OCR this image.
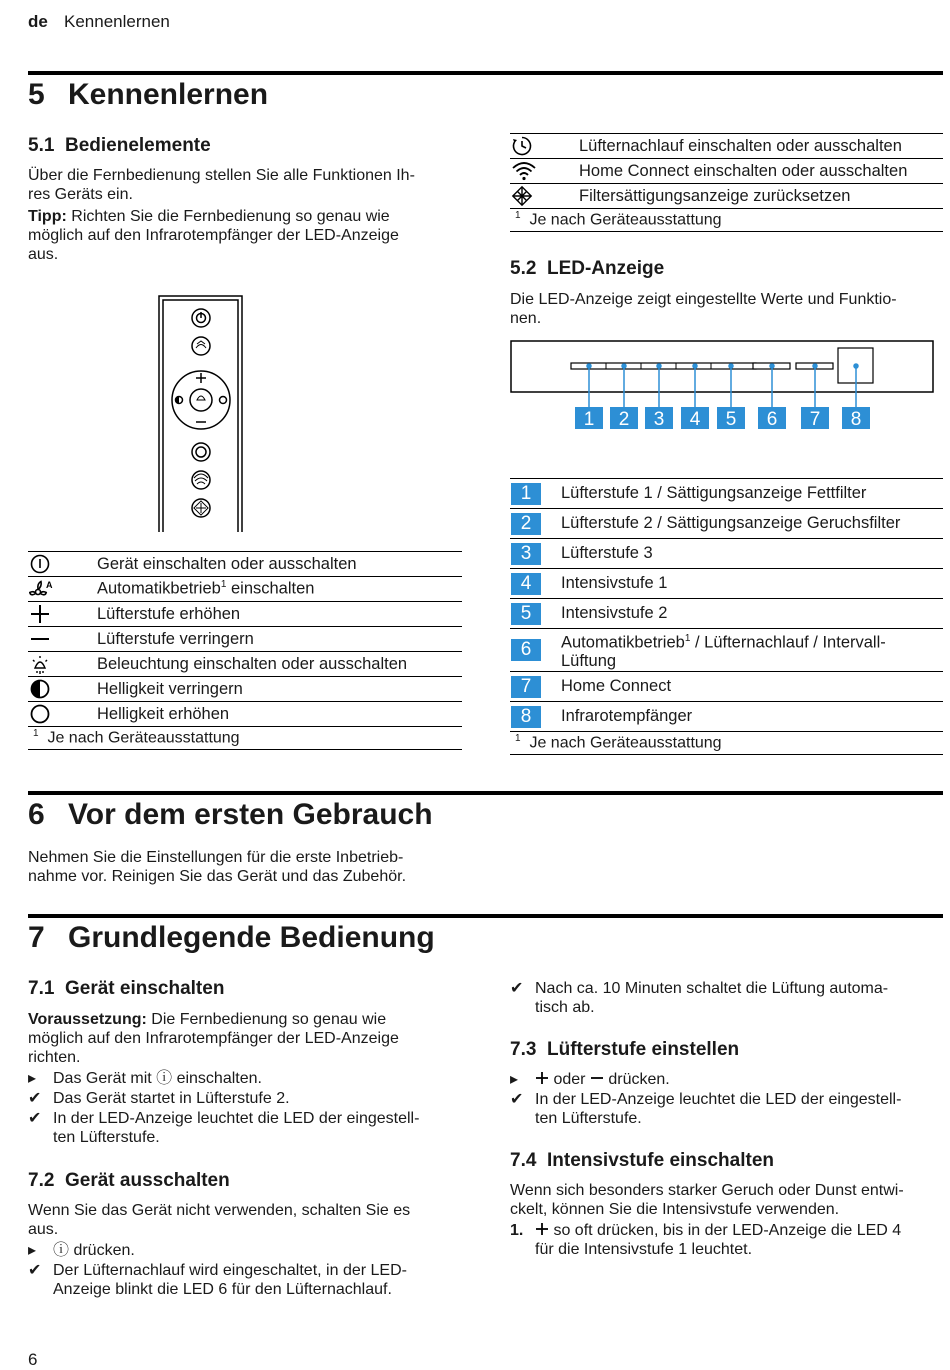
de Kennenlernen
5 Kennenlernen
5.1 Bedienelemente

Über die Fernbedienung stellen Sie alle Funktionen Ih-
res Geräts ein.

Tipp: Richten Sie die Fernbedienung so genau wie
möglich auf den Infrarotempfänger der LED-Anzeige
aus.

	Gerät einschalten oder ausschalten

A	Automatikbetrieb$^1$ einschalten

	Lüfterstufe erhöhen

	Lüfterstufe verringern

	Beleuchtung einschalten oder ausschalten

	Helligkeit verringern

	Helligkeit erhöhen
$^1$ Je nach Geräteausstattung	
	Lüfternachlauf einschalten oder ausschalten

	Home Connect einschalten oder ausschalten

	Filtersättigungsanzeige zurücksetzen
$^1$ Je nach Geräteausstattung	
5.2 LED-Anzeige

Die LED-Anzeige zeigt eingestellte Werte und Funktio-
nen.

1 2 3 4 5 6 7 8
1	Lüfterstufe 1 / Sättigungsanzeige Fettfilter
2	Lüfterstufe 2 / Sättigungsanzeige Geruchsfilter
3	Lüfterstufe 3
4	Intensivstufe 1
5	Intensivstufe 2
6	Automatikbetrieb$^1$ / Lüfternachlauf / Intervall-
Lüftung
7	Home Connect
8	Infrarotempfänger
$^1$ Je nach Geräteausstattung	
6 Vor dem ersten Gebrauch

Nehmen Sie die Einstellungen für die erste Inbetrieb-
nahme vor. Reinigen Sie das Gerät und das Zubehör.

7 Grundlegende Bedienung
7.1 Gerät einschalten

Voraussetzung: Die Fernbedienung so genau wie
möglich auf den Infrarotempfänger der LED-Anzeige
richten.

▸	Das Gerät mit ⓘ einschalten.
✔ Das Gerät startet in Lüfterstufe 2.
✔ In der LED-Anzeige leuchtet die LED der eingestell-
ten Lüfterstufe.
7.2 Gerät ausschalten

Wenn Sie das Gerät nicht verwenden, schalten Sie es
aus.

▸	ⓘ drücken.
✔ Der Lüfternachlauf wird eingeschaltet, in der LED-
Anzeige blinkt die LED 6 für den Lüfternachlauf.
✔ Nach ca. 10 Minuten schaltet die Lüftung automa-
tisch ab.
7.3 Lüfterstufe einstellen
▸	oder  drücken.
✔ In der LED-Anzeige leuchtet die LED der eingestell-
ten Lüfterstufe.
7.4 Intensivstufe einschalten

Wenn sich besonders starker Geruch oder Dunst entwi-
ckelt, können Sie die Intensivstufe verwenden.

1.	so oft drücken, bis in der LED-Anzeige die LED 4
für die Intensivstufe 1 leuchtet.
6
